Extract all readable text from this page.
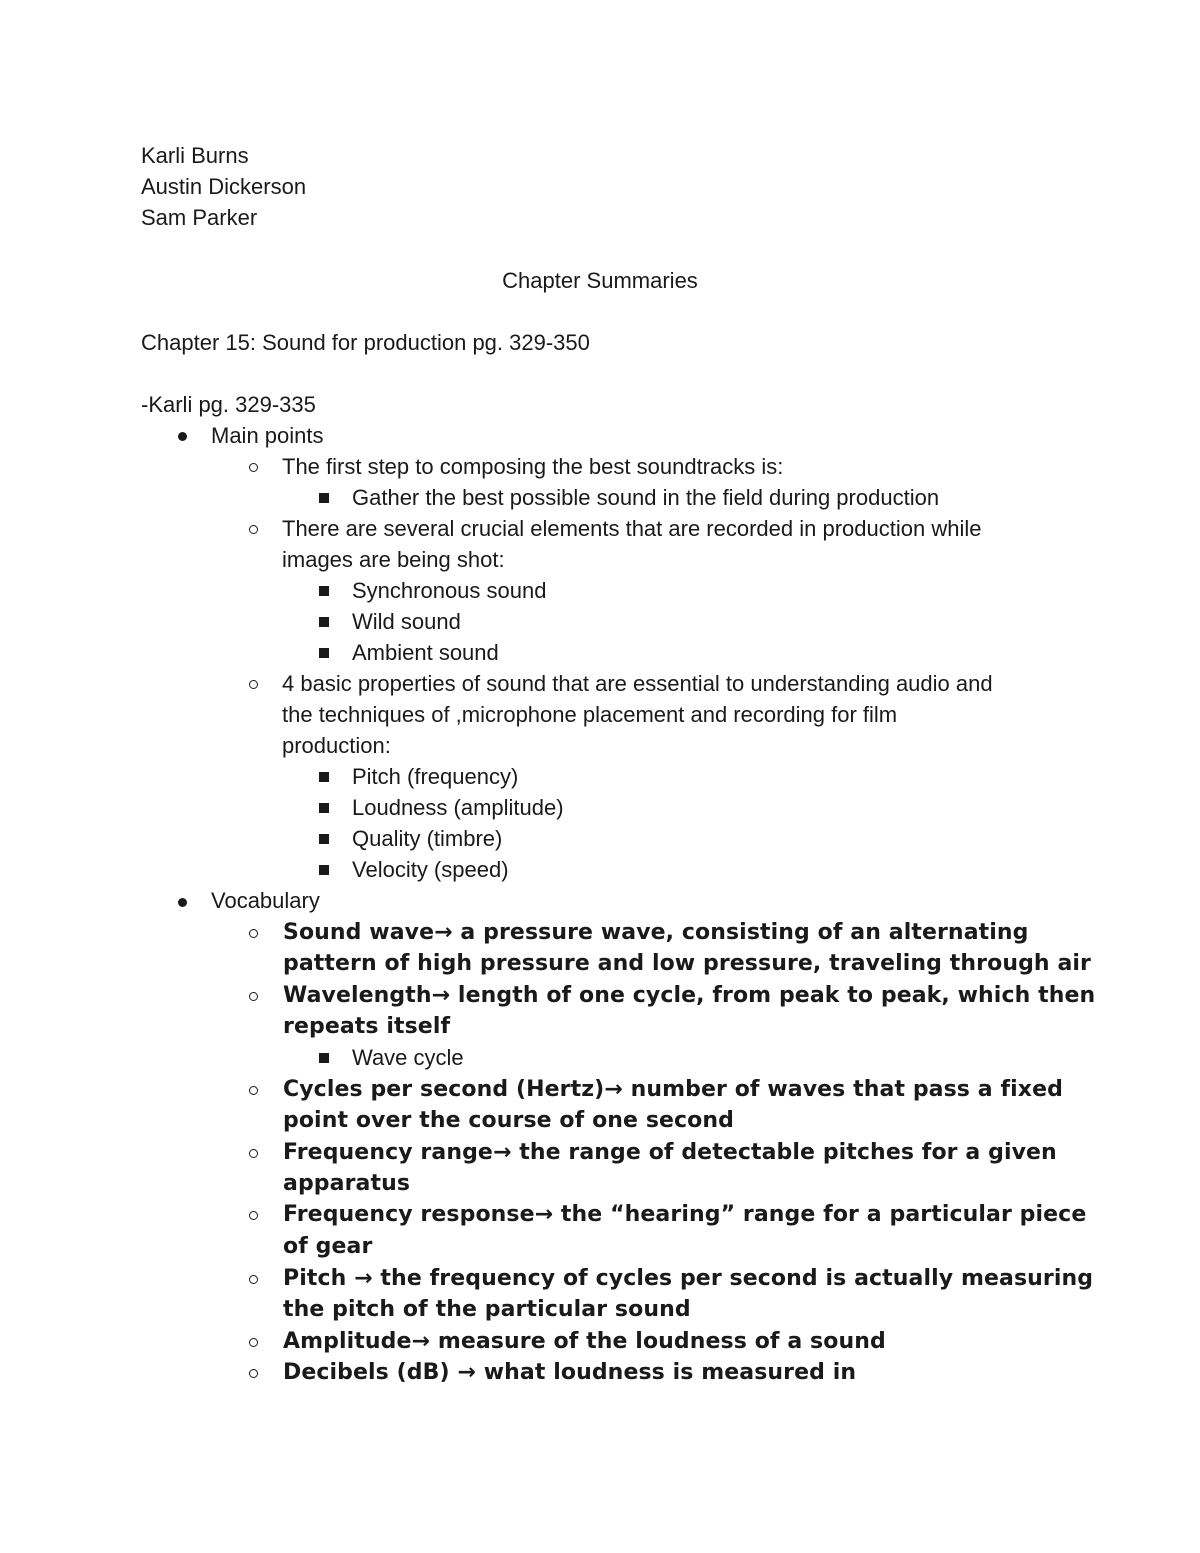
Karli Burns
Austin Dickerson
Sam Parker
Chapter Summaries
Chapter 15: Sound for production pg. 329-350
-Karli pg. 329-335
Main points
The first step to composing the best soundtracks is:
Gather the best possible sound in the field during production
There are several crucial elements that are recorded in production while
images are being shot:
Synchronous sound
Wild sound
Ambient sound
4 basic properties of sound that are essential to understanding audio and
the techniques of ,microphone placement and recording for film
production:
Pitch (frequency)
Loudness (amplitude)
Quality (timbre)
Velocity (speed)
Vocabulary
Sound wave→ a pressure wave, consisting of an alternating
pattern of high pressure and low pressure, traveling through air
Wavelength→ length of one cycle, from peak to peak, which then
repeats itself
Wave cycle
Cycles per second (Hertz)→ number of waves that pass a fixed
point over the course of one second
Frequency range→ the range of detectable pitches for a given
apparatus
Frequency response→ the “hearing” range for a particular piece
of gear
Pitch → the frequency of cycles per second is actually measuring
the pitch of the particular sound
Amplitude→ measure of the loudness of a sound
Decibels (dB) → what loudness is measured in
